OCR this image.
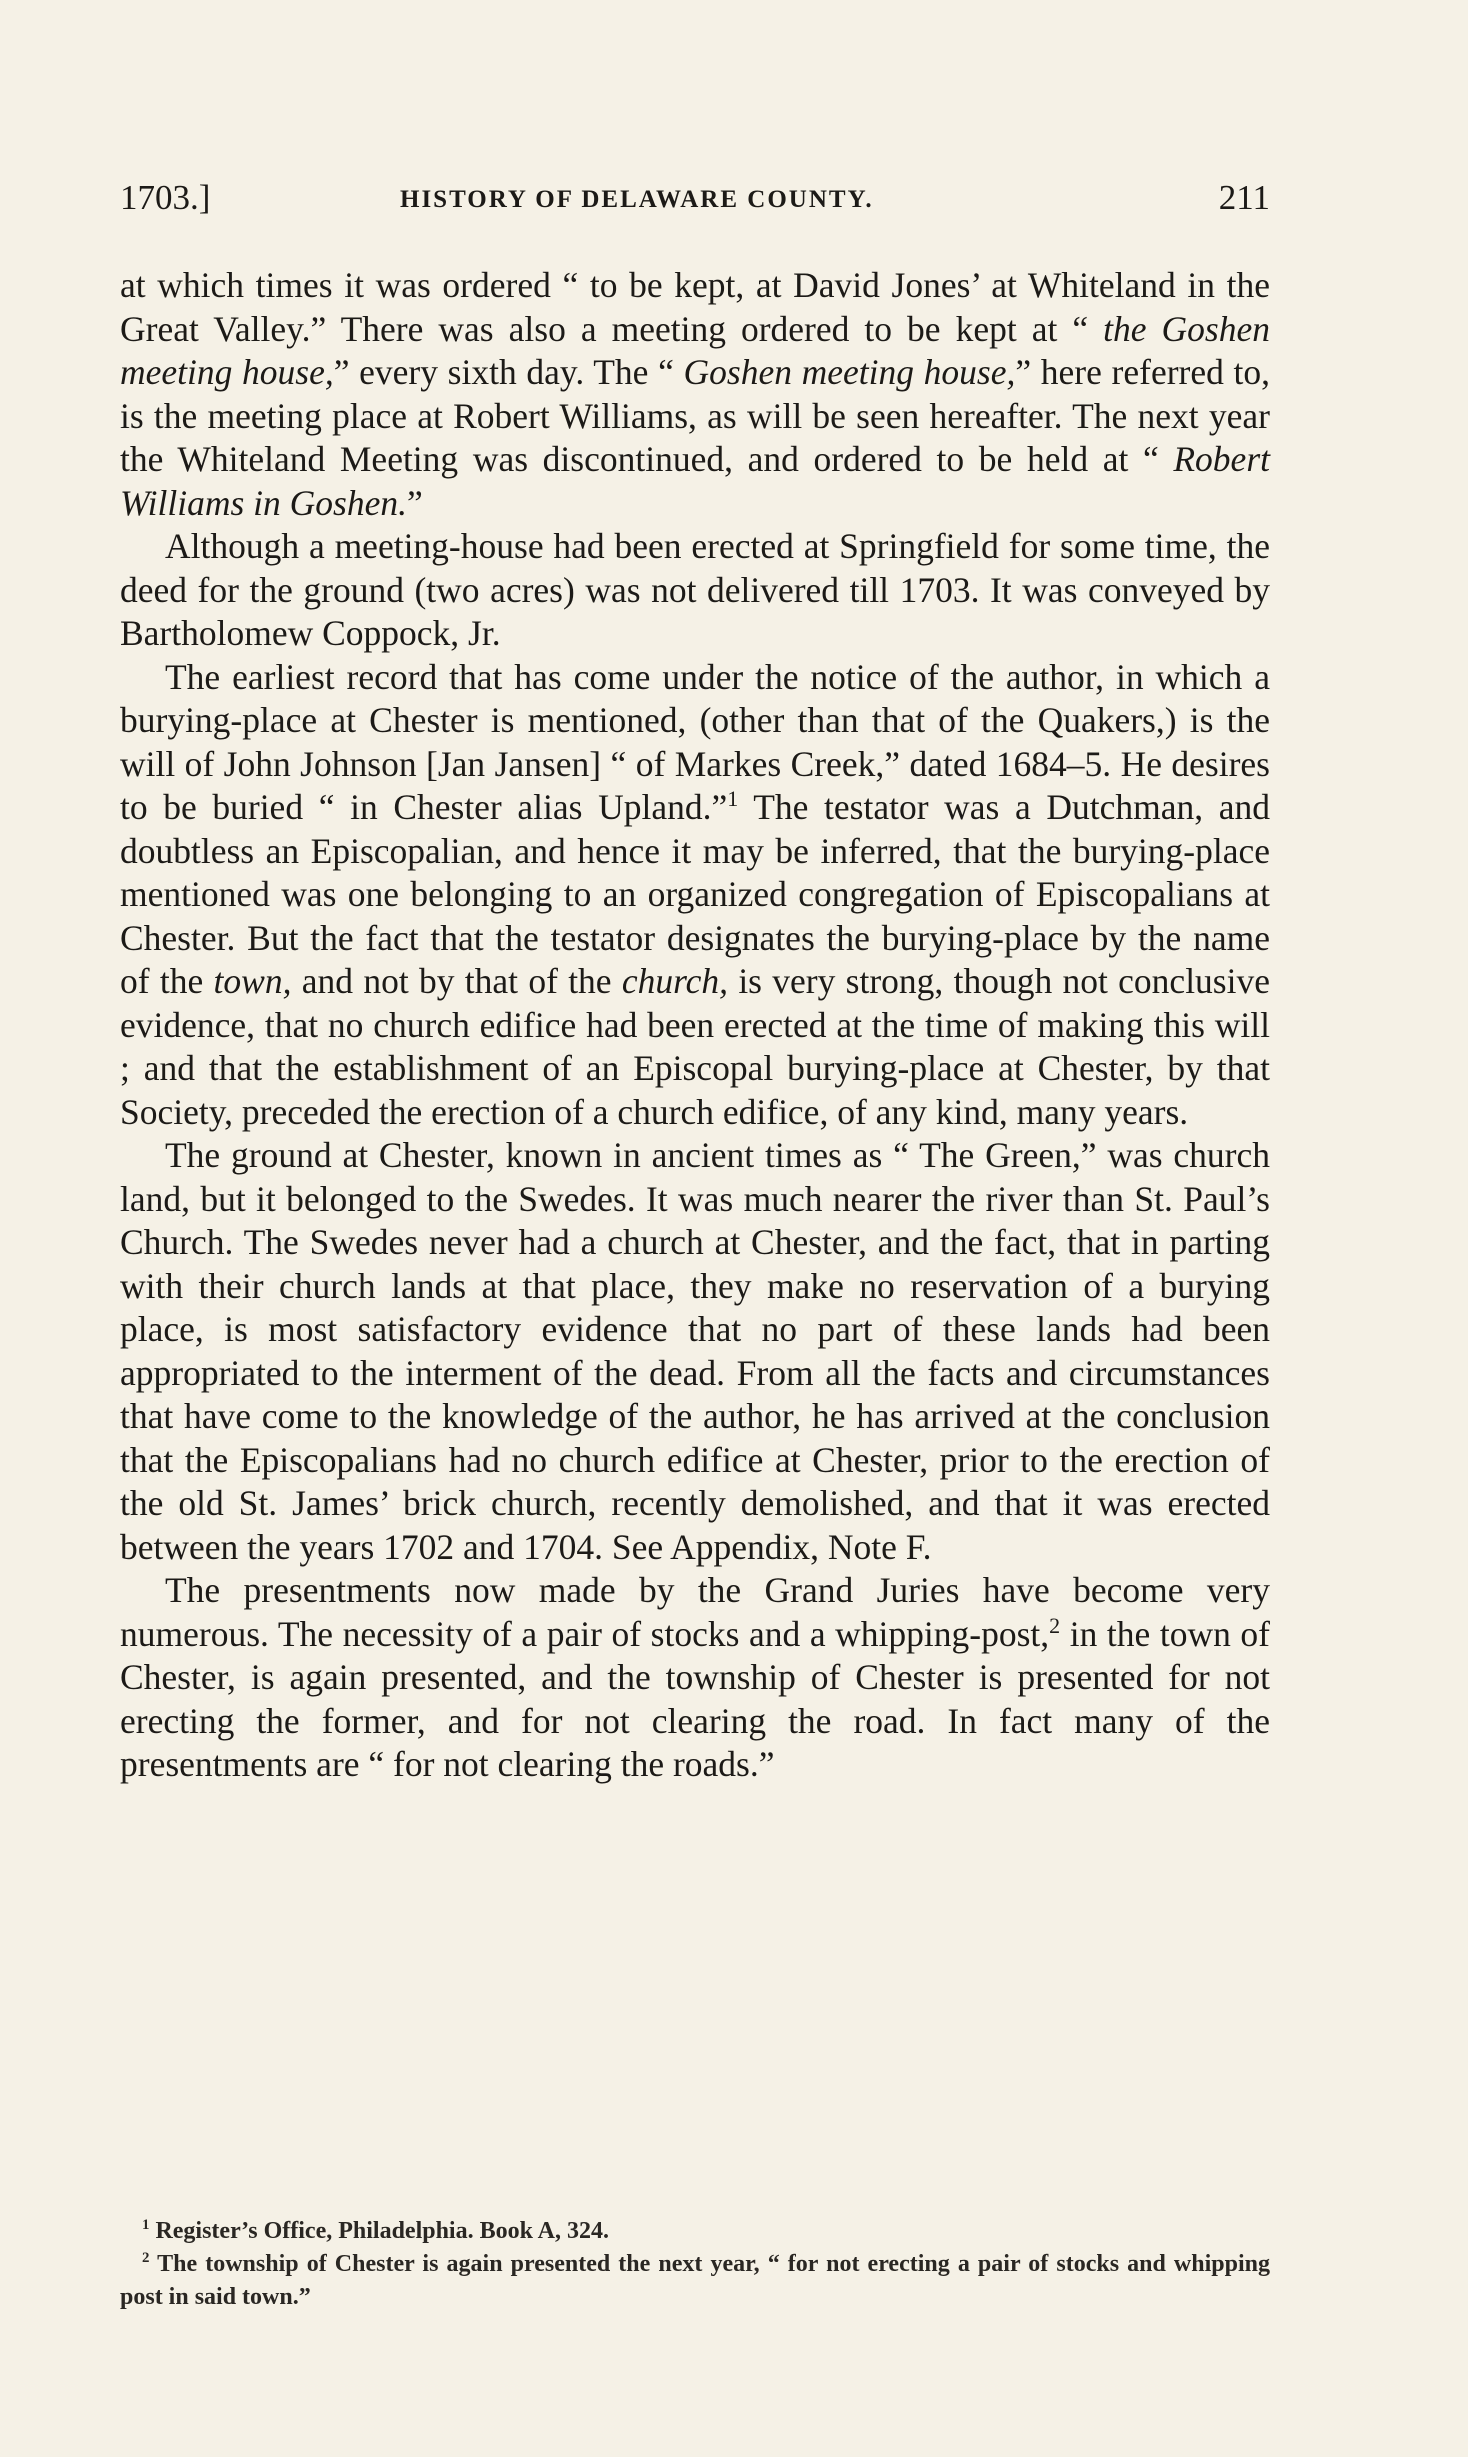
1703.]	HISTORY OF DELAWARE COUNTY.	211

at which times it was ordered “ to be kept, at David Jones’ at Whiteland in the Great Valley.” There was also a meeting ordered to be kept at “ the Goshen meeting house,” every sixth day. The “ Goshen meeting house,” here referred to, is the meeting place at Robert Williams, as will be seen hereafter. The next year the Whiteland Meeting was discontinued, and ordered to be held at “ Robert Williams in Goshen.”

Although a meeting-house had been erected at Springfield for some time, the deed for the ground (two acres) was not delivered till 1703. It was conveyed by Bartholomew Coppock, Jr.

The earliest record that has come under the notice of the author, in which a burying-place at Chester is mentioned, (other than that of the Quakers,) is the will of John Johnson [Jan Jansen] “ of Markes Creek,” dated 1684–5. He desires to be buried “ in Chester alias Upland.”$^1$ The testator was a Dutchman, and doubtless an Episcopalian, and hence it may be inferred, that the burying-place mentioned was one belonging to an organized congregation of Episcopalians at Chester. But the fact that the testator designates the burying-place by the name of the town, and not by that of the church, is very strong, though not conclusive evidence, that no church edifice had been erected at the time of making this will ; and that the establishment of an Episcopal burying-place at Chester, by that Society, preceded the erection of a church edifice, of any kind, many years.

The ground at Chester, known in ancient times as “ The Green,” was church land, but it belonged to the Swedes. It was much nearer the river than St. Paul’s Church. The Swedes never had a church at Chester, and the fact, that in parting with their church lands at that place, they make no reservation of a burying place, is most satisfactory evidence that no part of these lands had been appropriated to the interment of the dead. From all the facts and circumstances that have come to the knowledge of the author, he has arrived at the conclusion that the Episcopalians had no church edifice at Chester, prior to the erection of the old St. James’ brick church, recently demolished, and that it was erected between the years 1702 and 1704. See Appendix, Note F.

The presentments now made by the Grand Juries have become very numerous. The necessity of a pair of stocks and a whipping-post,$^2$ in the town of Chester, is again presented, and the township of Chester is presented for not erecting the former, and for not clearing the road. In fact many of the presentments are “ for not clearing the roads.”

$^1$ Register’s Office, Philadelphia. Book A, 324.

$^2$ The township of Chester is again presented the next year, “ for not erecting a pair of stocks and whipping post in said town.”
